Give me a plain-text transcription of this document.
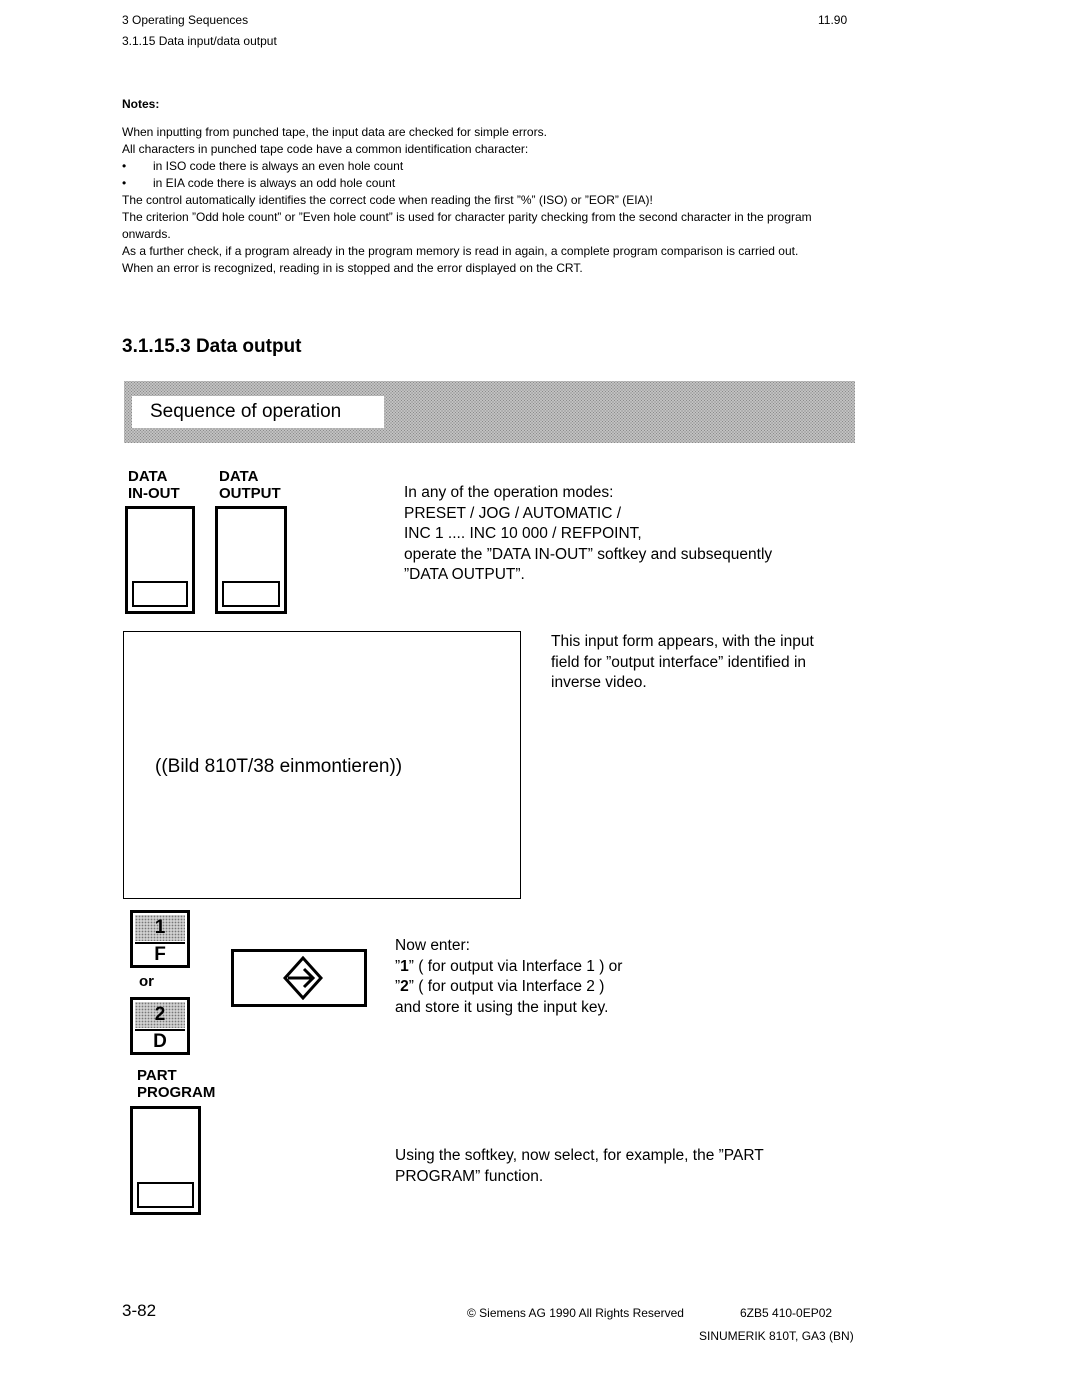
3 Operating Sequences
3.1.15 Data input/data output
11.90

Notes:

When inputting from punched tape, the input data are checked for simple errors.

All characters in punched tape code have a common identification character:

•	in ISO code there is always an even hole count
•	in EIA code there is always an odd hole count

The control automatically identifies the correct code when reading the first ”%” (ISO) or ”EOR” (EIA)!

The criterion ”Odd hole count” or ”Even hole count” is used for character parity checking from the second character in the program onwards.

As a further check, if a program already in the program memory is read in again, a complete program comparison is carried out.

When an error is recognized, reading in is stopped and the error displayed on the CRT.

3.1.15.3 Data output
Sequence of operation
DATA
IN-OUT
DATA
OUTPUT	In any of the operation modes:
PRESET / JOG / AUTOMATIC /
INC 1 .... INC 10 000 / REFPOINT,
operate the ”DATA IN-OUT” softkey and subsequently
”DATA OUTPUT”.
((Bild 810T/38 einmontieren))
This input form appears, with the input
field for ”output interface” identified in
inverse video.
1
F
or
2
D
Now enter:
”1” ( for output via Interface 1 ) or
”2” ( for output via Interface 2 )
and store it using the input key.
PART
PROGRAM
Using the softkey, now select, for example, the ”PART
PROGRAM” function.
3-82	© Siemens AG 1990 All Rights Reserved	6ZB5 410-0EP02
SINUMERIK 810T, GA3 (BN)
